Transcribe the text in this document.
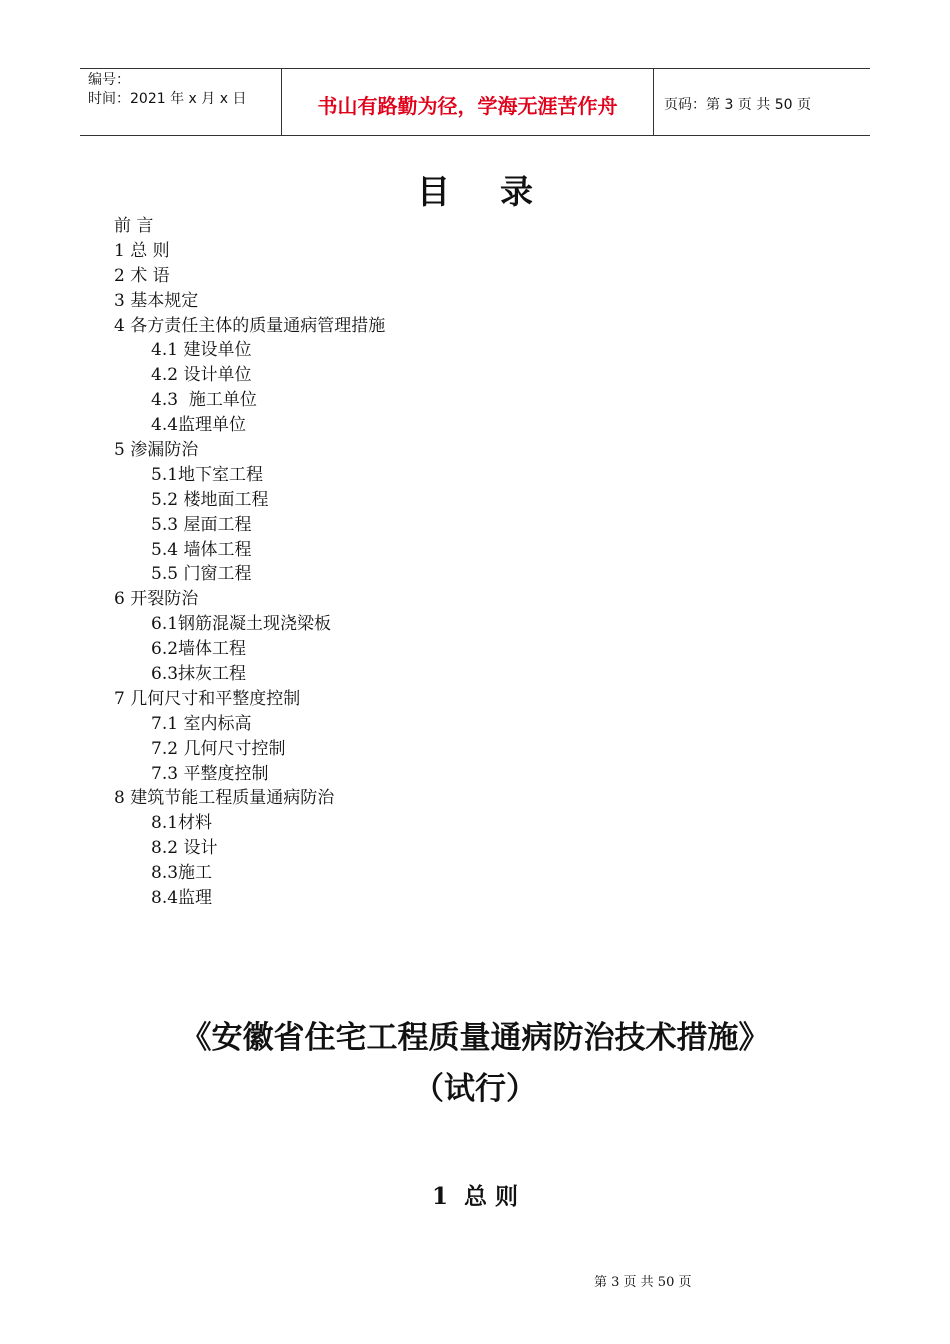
编号：
时间：2021 年 x 月 x 日	书山有路勤为径，学海无涯苦作舟	页码：第 3 页 共 50 页
目录
前 言
1 总 则
2 术 语
3 基本规定
4 各方责任主体的质量通病管理措施
4.1 建设单位
4.2 设计单位
4.3  施工单位
4.4监理单位
5 渗漏防治
5.1地下室工程
5.2 楼地面工程
5.3 屋面工程
5.4 墙体工程
5.5 门窗工程
6 开裂防治
6.1钢筋混凝土现浇梁板
6.2墙体工程
6.3抹灰工程
7 几何尺寸和平整度控制
7.1 室内标高
7.2 几何尺寸控制
7.3 平整度控制
8 建筑节能工程质量通病防治
8.1材料
8.2 设计
8.3施工
8.4监理
《安徽省住宅工程质量通病防治技术措施》
（试行）
1  总 则
第 3 页 共 50 页
